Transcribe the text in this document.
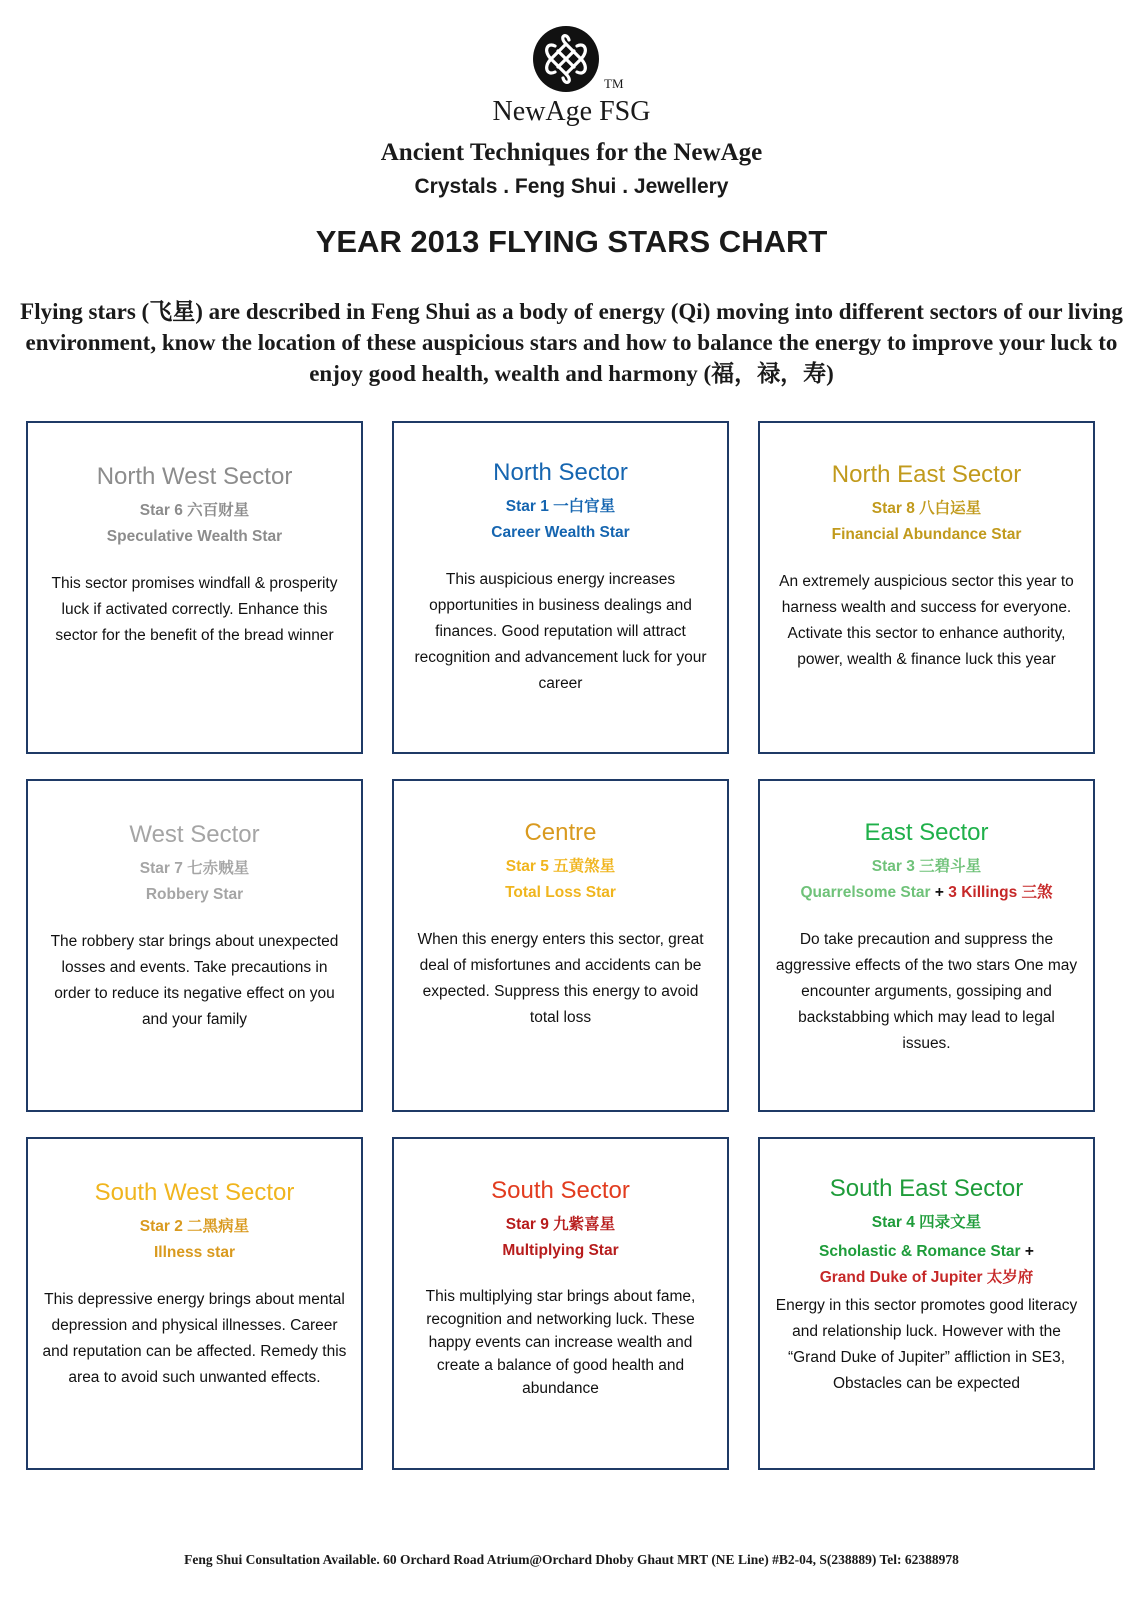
TM
NewAge FSG
Ancient Techniques for the NewAge
Crystals . Feng Shui . Jewellery
YEAR 2013 FLYING STARS CHART
Flying stars (飞星) are described in Feng Shui as a body of energy (Qi) moving into different sectors of our living environment, know the location of these auspicious stars and how to balance the energy to improve your luck to enjoy good health, wealth and harmony (福，禄，寿)
North West Sector
Star 6 六百财星
Speculative Wealth Star
This sector promises windfall & prosperity luck if activated correctly. Enhance this sector for the benefit of the bread winner
North Sector
Star 1 一白官星
Career Wealth Star
This auspicious energy increases opportunities in business dealings and finances. Good reputation will attract recognition and advancement luck for your career
North East Sector
Star 8 八白运星
Financial Abundance Star
An extremely auspicious sector this year to harness wealth and success for everyone. Activate this sector to enhance authority, power, wealth & finance luck this year
West Sector
Star 7 七赤贼星
Robbery Star
The robbery star brings about unexpected losses and events. Take precautions in order to reduce its negative effect on you and your family
Centre
Star 5 五黄煞星
Total Loss Star
When this energy enters this sector, great deal of misfortunes and accidents can be expected. Suppress this energy to avoid total loss
East Sector
Star 3 三碧斗星
Quarrelsome Star + 3 Killings 三煞
Do take precaution and suppress the aggressive effects of the two stars One may encounter arguments, gossiping and backstabbing which may lead to legal issues.
South West Sector
Star 2 二黑病星
Illness star
This depressive energy brings about mental depression and physical illnesses. Career and reputation can be affected. Remedy this area to avoid such unwanted effects.
South Sector
Star 9 九紫喜星
Multiplying Star
This multiplying star brings about fame, recognition and networking luck. These happy events can increase wealth and create a balance of good health and abundance
South East Sector
Star 4 四录文星
Scholastic & Romance Star +
Grand Duke of Jupiter 太岁府
Energy in this sector promotes good literacy and relationship luck. However with the “Grand Duke of Jupiter” affliction in SE3, Obstacles can be expected
Feng Shui Consultation Available. 60 Orchard Road Atrium@Orchard Dhoby Ghaut MRT (NE Line) #B2-04, S(238889) Tel: 62388978
